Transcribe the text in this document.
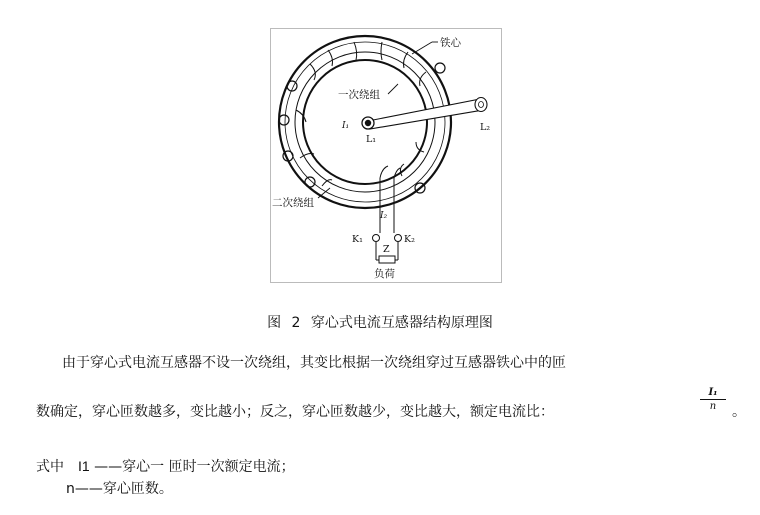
铁心
一次绕组
I₁
L₁
L₂
I₂
二次绕组
K₁	K₂
Z
负荷
图 2 穿心式电流互感器结构原理图
由于穿心式电流互感器不设一次绕组，其变比根据一次绕组穿过互感器铁心中的匝
数确定，穿心匝数越多，变比越小；反之，穿心匝数越少，变比越大，额定电流比：	$\frac{\text{I₁}}{n}$ 。
式中 I1 ——穿心一 匝时一次额定电流；
n——穿心匝数。
